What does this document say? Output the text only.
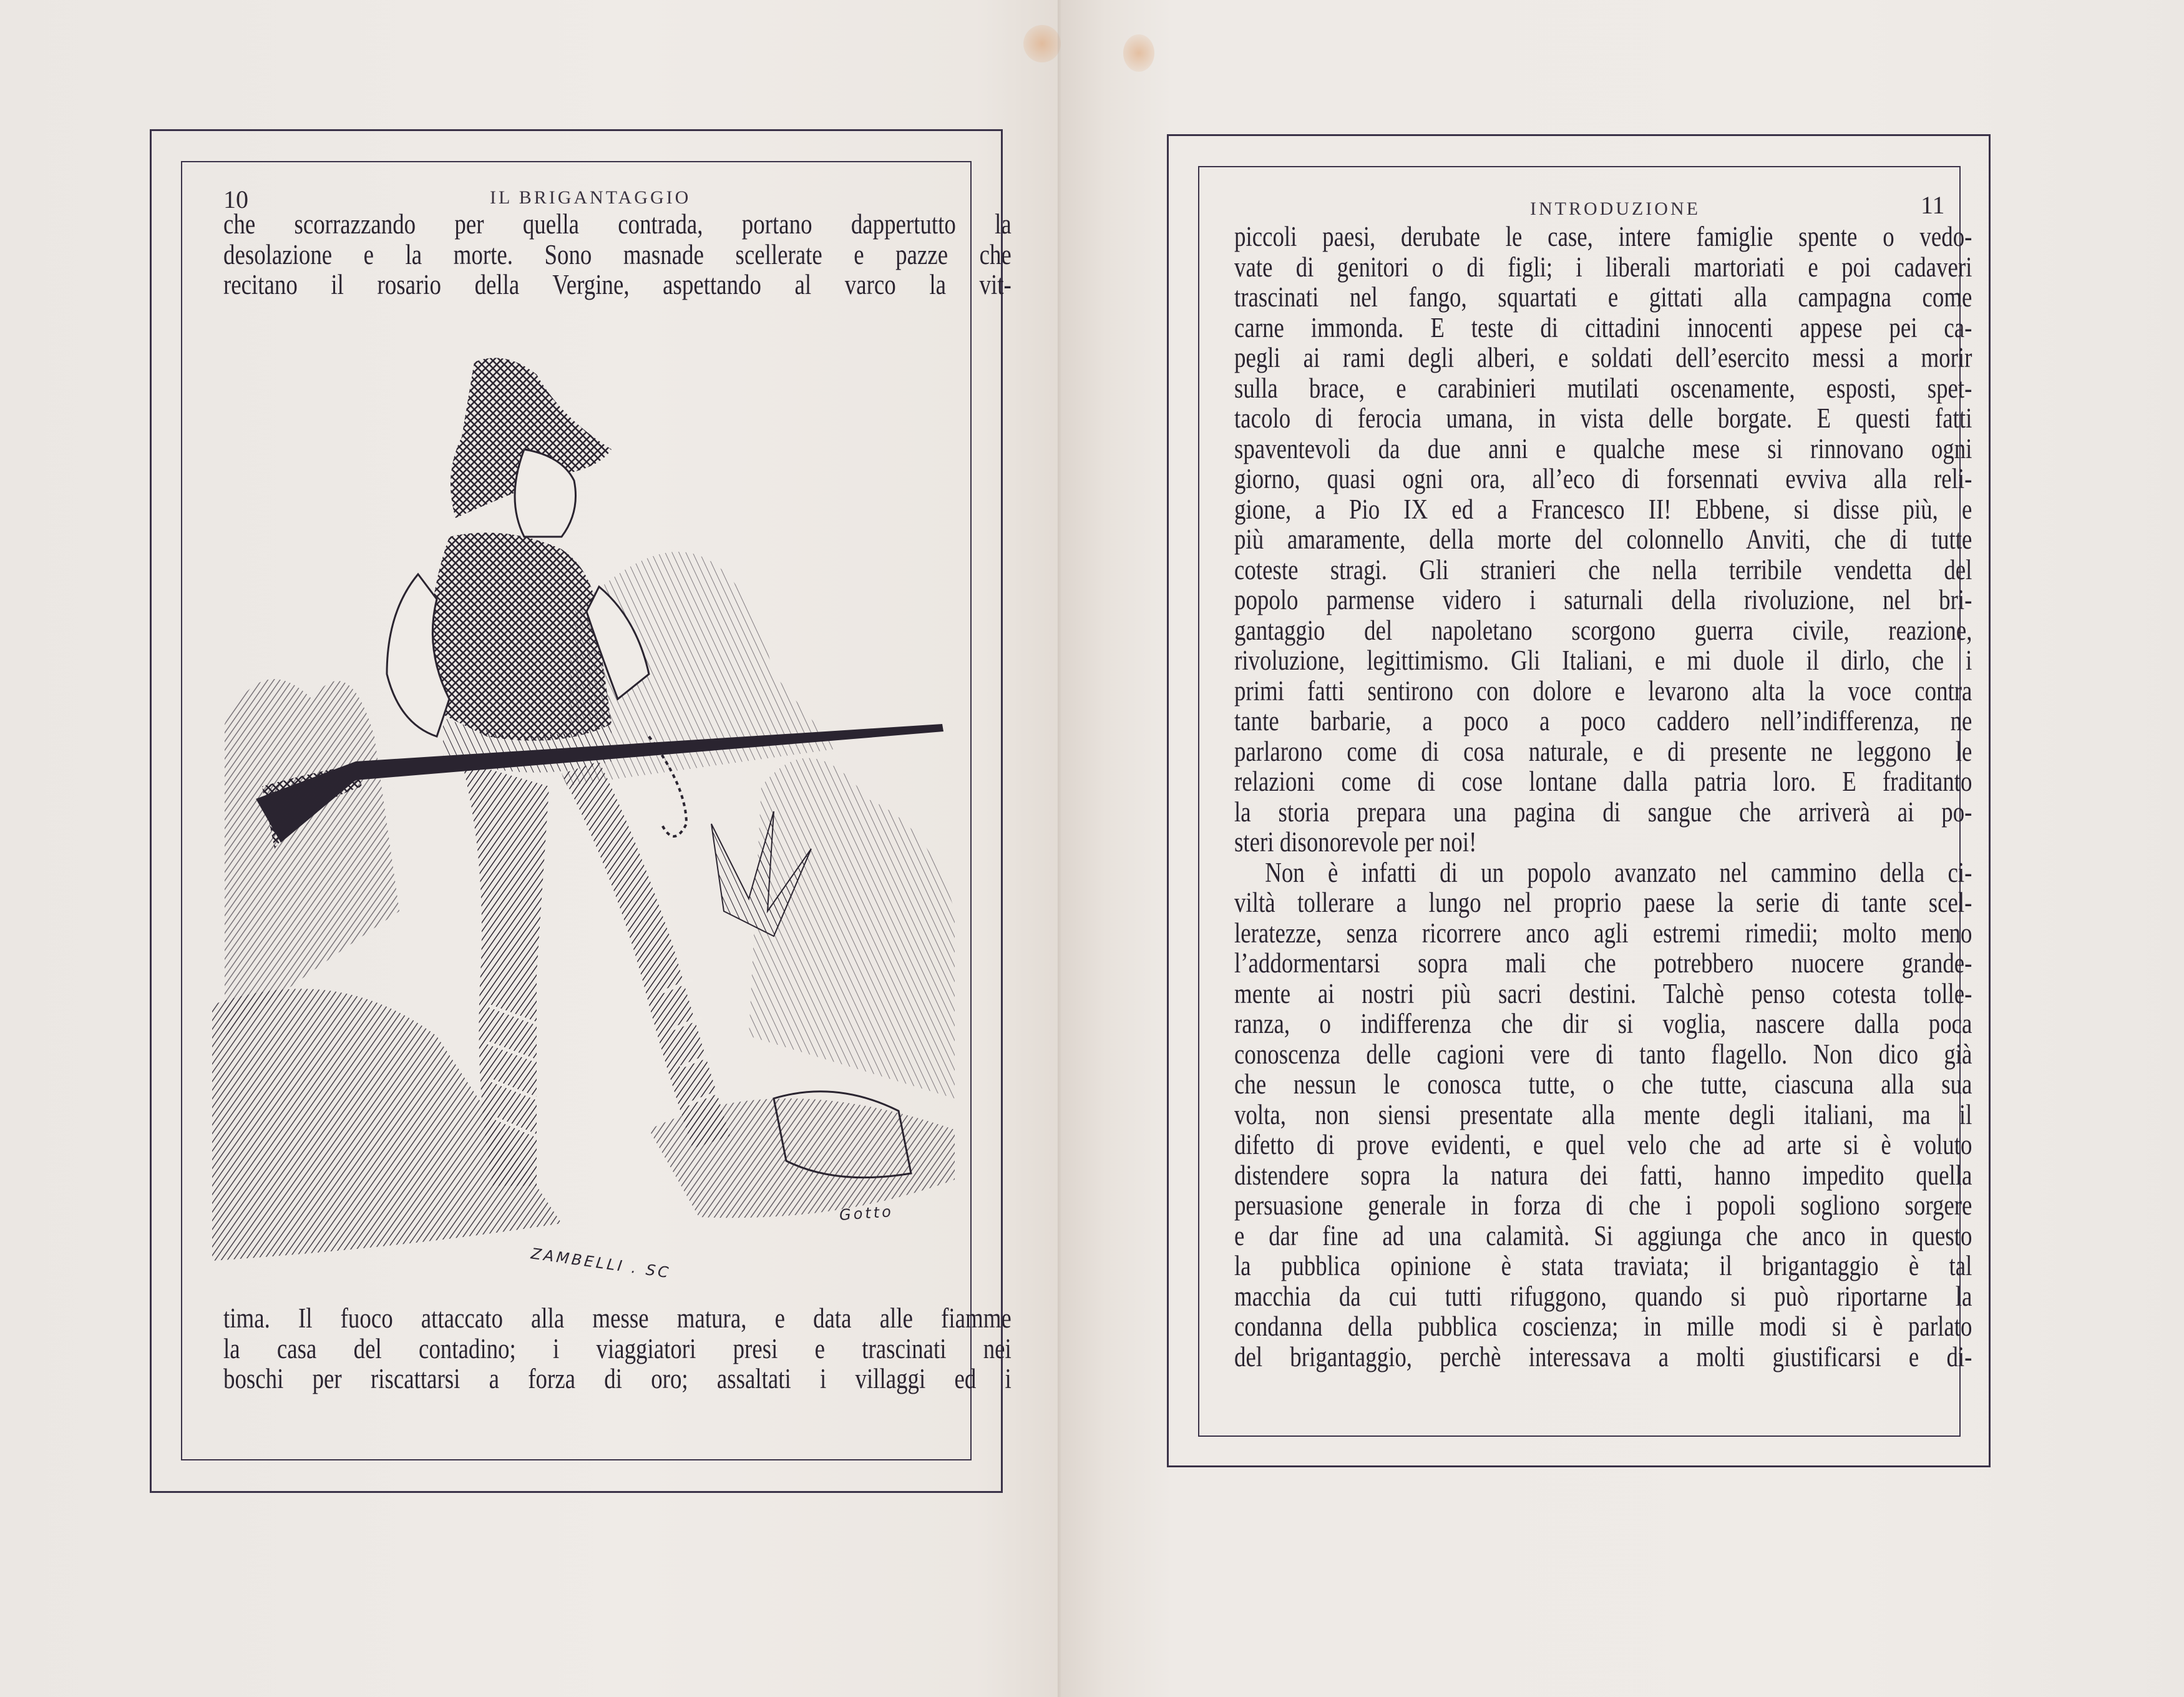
10	IL BRIGANTAGGIO
che scorrazzando per quella contrada, portano dappertutto la
desolazione e la morte. Sono masnade scellerate e pazze che
recitano il rosario della Vergine, aspettando al varco la vit-
ZAMBELLI . SC
Gotto
tima. Il fuoco attaccato alla messe matura, e data alle fiamme
la casa del contadino; i viaggiatori presi e trascinati nei
boschi per riscattarsi a forza di oro; assaltati i villaggi ed i
INTRODUZIONE	11
piccoli paesi, derubate le case, intere famiglie spente o vedo-
vate di genitori o di figli; i liberali martoriati e poi cadaveri
trascinati nel fango, squartati e gittati alla campagna come
carne immonda. E teste di cittadini innocenti appese pei ca-
pegli ai rami degli alberi, e soldati dell’esercito messi a morir
sulla brace, e carabinieri mutilati oscenamente, esposti, spet-
tacolo di ferocia umana, in vista delle borgate. E questi fatti
spaventevoli da due anni e qualche mese si rinnovano ogni
giorno, quasi ogni ora, all’eco di forsennati evviva alla reli-
gione, a Pio IX ed a Francesco II! Ebbene, si disse più, e
più amaramente, della morte del colonnello Anviti, che di tutte
coteste stragi. Gli stranieri che nella terribile vendetta del
popolo parmense videro i saturnali della rivoluzione, nel bri-
gantaggio del napoletano scorgono guerra civile, reazione,
rivoluzione, legittimismo. Gli Italiani, e mi duole il dirlo, che i
primi fatti sentirono con dolore e levarono alta la voce contra
tante barbarie, a poco a poco caddero nell’indifferenza, ne
parlarono come di cosa naturale, e di presente ne leggono le
relazioni come di cose lontane dalla patria loro. E fraditanto
la storia prepara una pagina di sangue che arriverà ai po-
steri disonorevole per noi!
Non è infatti di un popolo avanzato nel cammino della ci-
viltà tollerare a lungo nel proprio paese la serie di tante scel-
leratezze, senza ricorrere anco agli estremi rimedii; molto meno
l’addormentarsi sopra mali che potrebbero nuocere grande-
mente ai nostri più sacri destini. Talchè penso cotesta tolle-
ranza, o indifferenza che dir si voglia, nascere dalla poca
conoscenza delle cagioni vere di tanto flagello. Non dico già
che nessun le conosca tutte, o che tutte, ciascuna alla sua
volta, non siensi presentate alla mente degli italiani, ma il
difetto di prove evidenti, e quel velo che ad arte si è voluto
distendere sopra la natura dei fatti, hanno impedito quella
persuasione generale in forza di che i popoli sogliono sorgere
e dar fine ad una calamità. Si aggiunga che anco in questo
la pubblica opinione è stata traviata; il brigantaggio è tal
macchia da cui tutti rifuggono, quando si può riportarne la
condanna della pubblica coscienza; in mille modi si è parlato
del brigantaggio, perchè interessava a molti giustificarsi e di-
